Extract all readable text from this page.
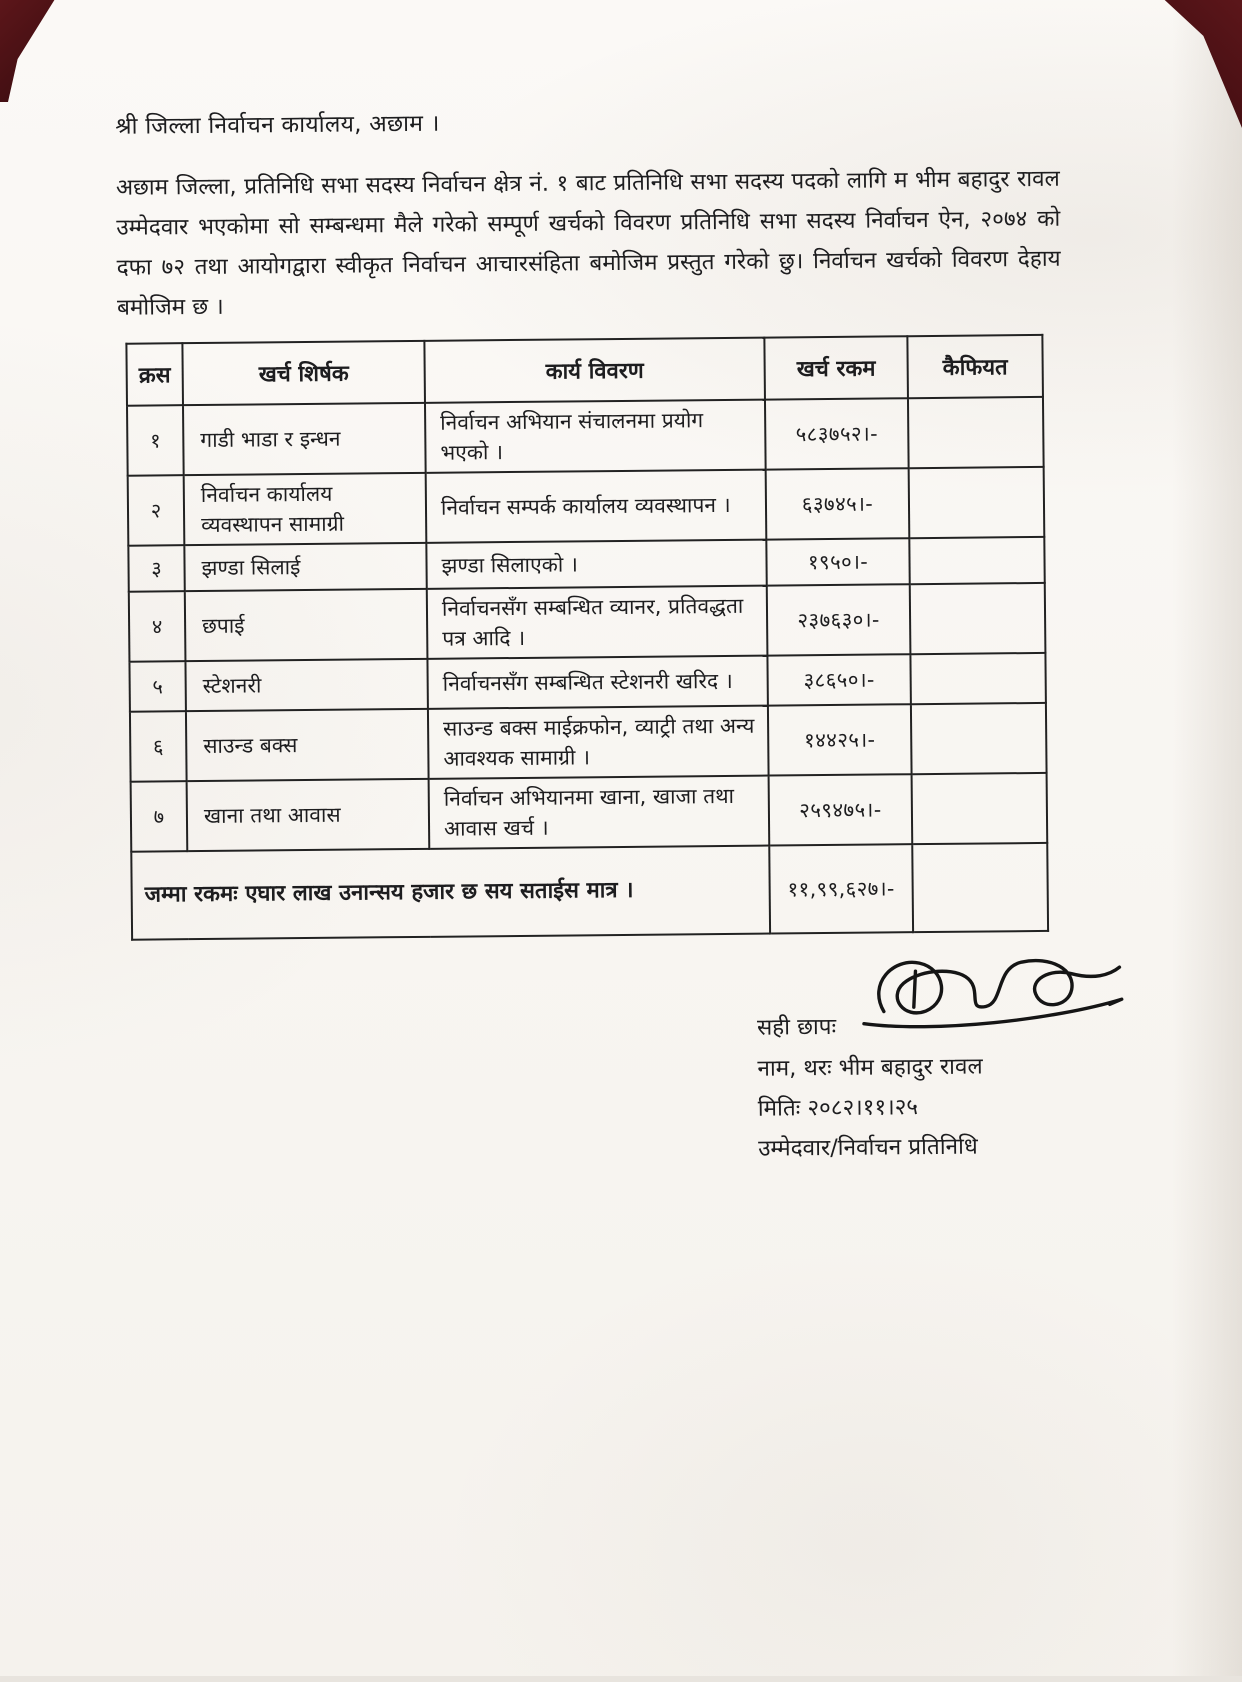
श्री जिल्ला निर्वाचन कार्यालय, अछाम ।

अछाम जिल्ला, प्रतिनिधि सभा सदस्य निर्वाचन क्षेत्र नं. १ बाट प्रतिनिधि सभा सदस्य पदको लागि म भीम बहादुर रावल उम्मेदवार भएकोमा सो सम्बन्धमा मैले गरेको सम्पूर्ण खर्चको विवरण प्रतिनिधि सभा सदस्य निर्वाचन ऐन, २०७४ को दफा ७२ तथा आयोगद्वारा स्वीकृत निर्वाचन आचारसंहिता बमोजिम प्रस्तुत गरेको छु। निर्वाचन खर्चको विवरण देहाय बमोजिम छ ।

क्रस	खर्च शिर्षक	कार्य विवरण	खर्च रकम	कैफियत
१	गाडी भाडा र इन्धन	निर्वाचन अभियान संचालनमा प्रयोग भएको ।	५८३७५२।-	
२	निर्वाचन कार्यालय व्यवस्थापन सामाग्री	निर्वाचन सम्पर्क कार्यालय व्यवस्थापन ।	६३७४५।-	
३	झण्डा सिलाई	झण्डा सिलाएको ।	१९५०।-	
४	छपाई	निर्वाचनसँग सम्बन्धित व्यानर, प्रतिवद्धता पत्र आदि ।	२३७६३०।-	
५	स्टेशनरी	निर्वाचनसँग सम्बन्धित स्टेशनरी खरिद ।	३८६५०।-	
६	साउन्ड बक्स	साउन्ड बक्स माईक्रफोन, व्याट्री तथा अन्य आवश्यक सामाग्री ।	१४४२५।-	
७	खाना तथा आवास	निर्वाचन अभियानमा खाना, खाजा तथा आवास खर्च ।	२५९४७५।-	
जम्मा रकमः एघार लाख उनान्सय हजार छ सय सताईस मात्र ।			११,९९,६२७।-	
सही छापः
नाम, थरः भीम बहादुर रावल
मितिः २०८२।११।२५
उम्मेदवार/निर्वाचन प्रतिनिधि
